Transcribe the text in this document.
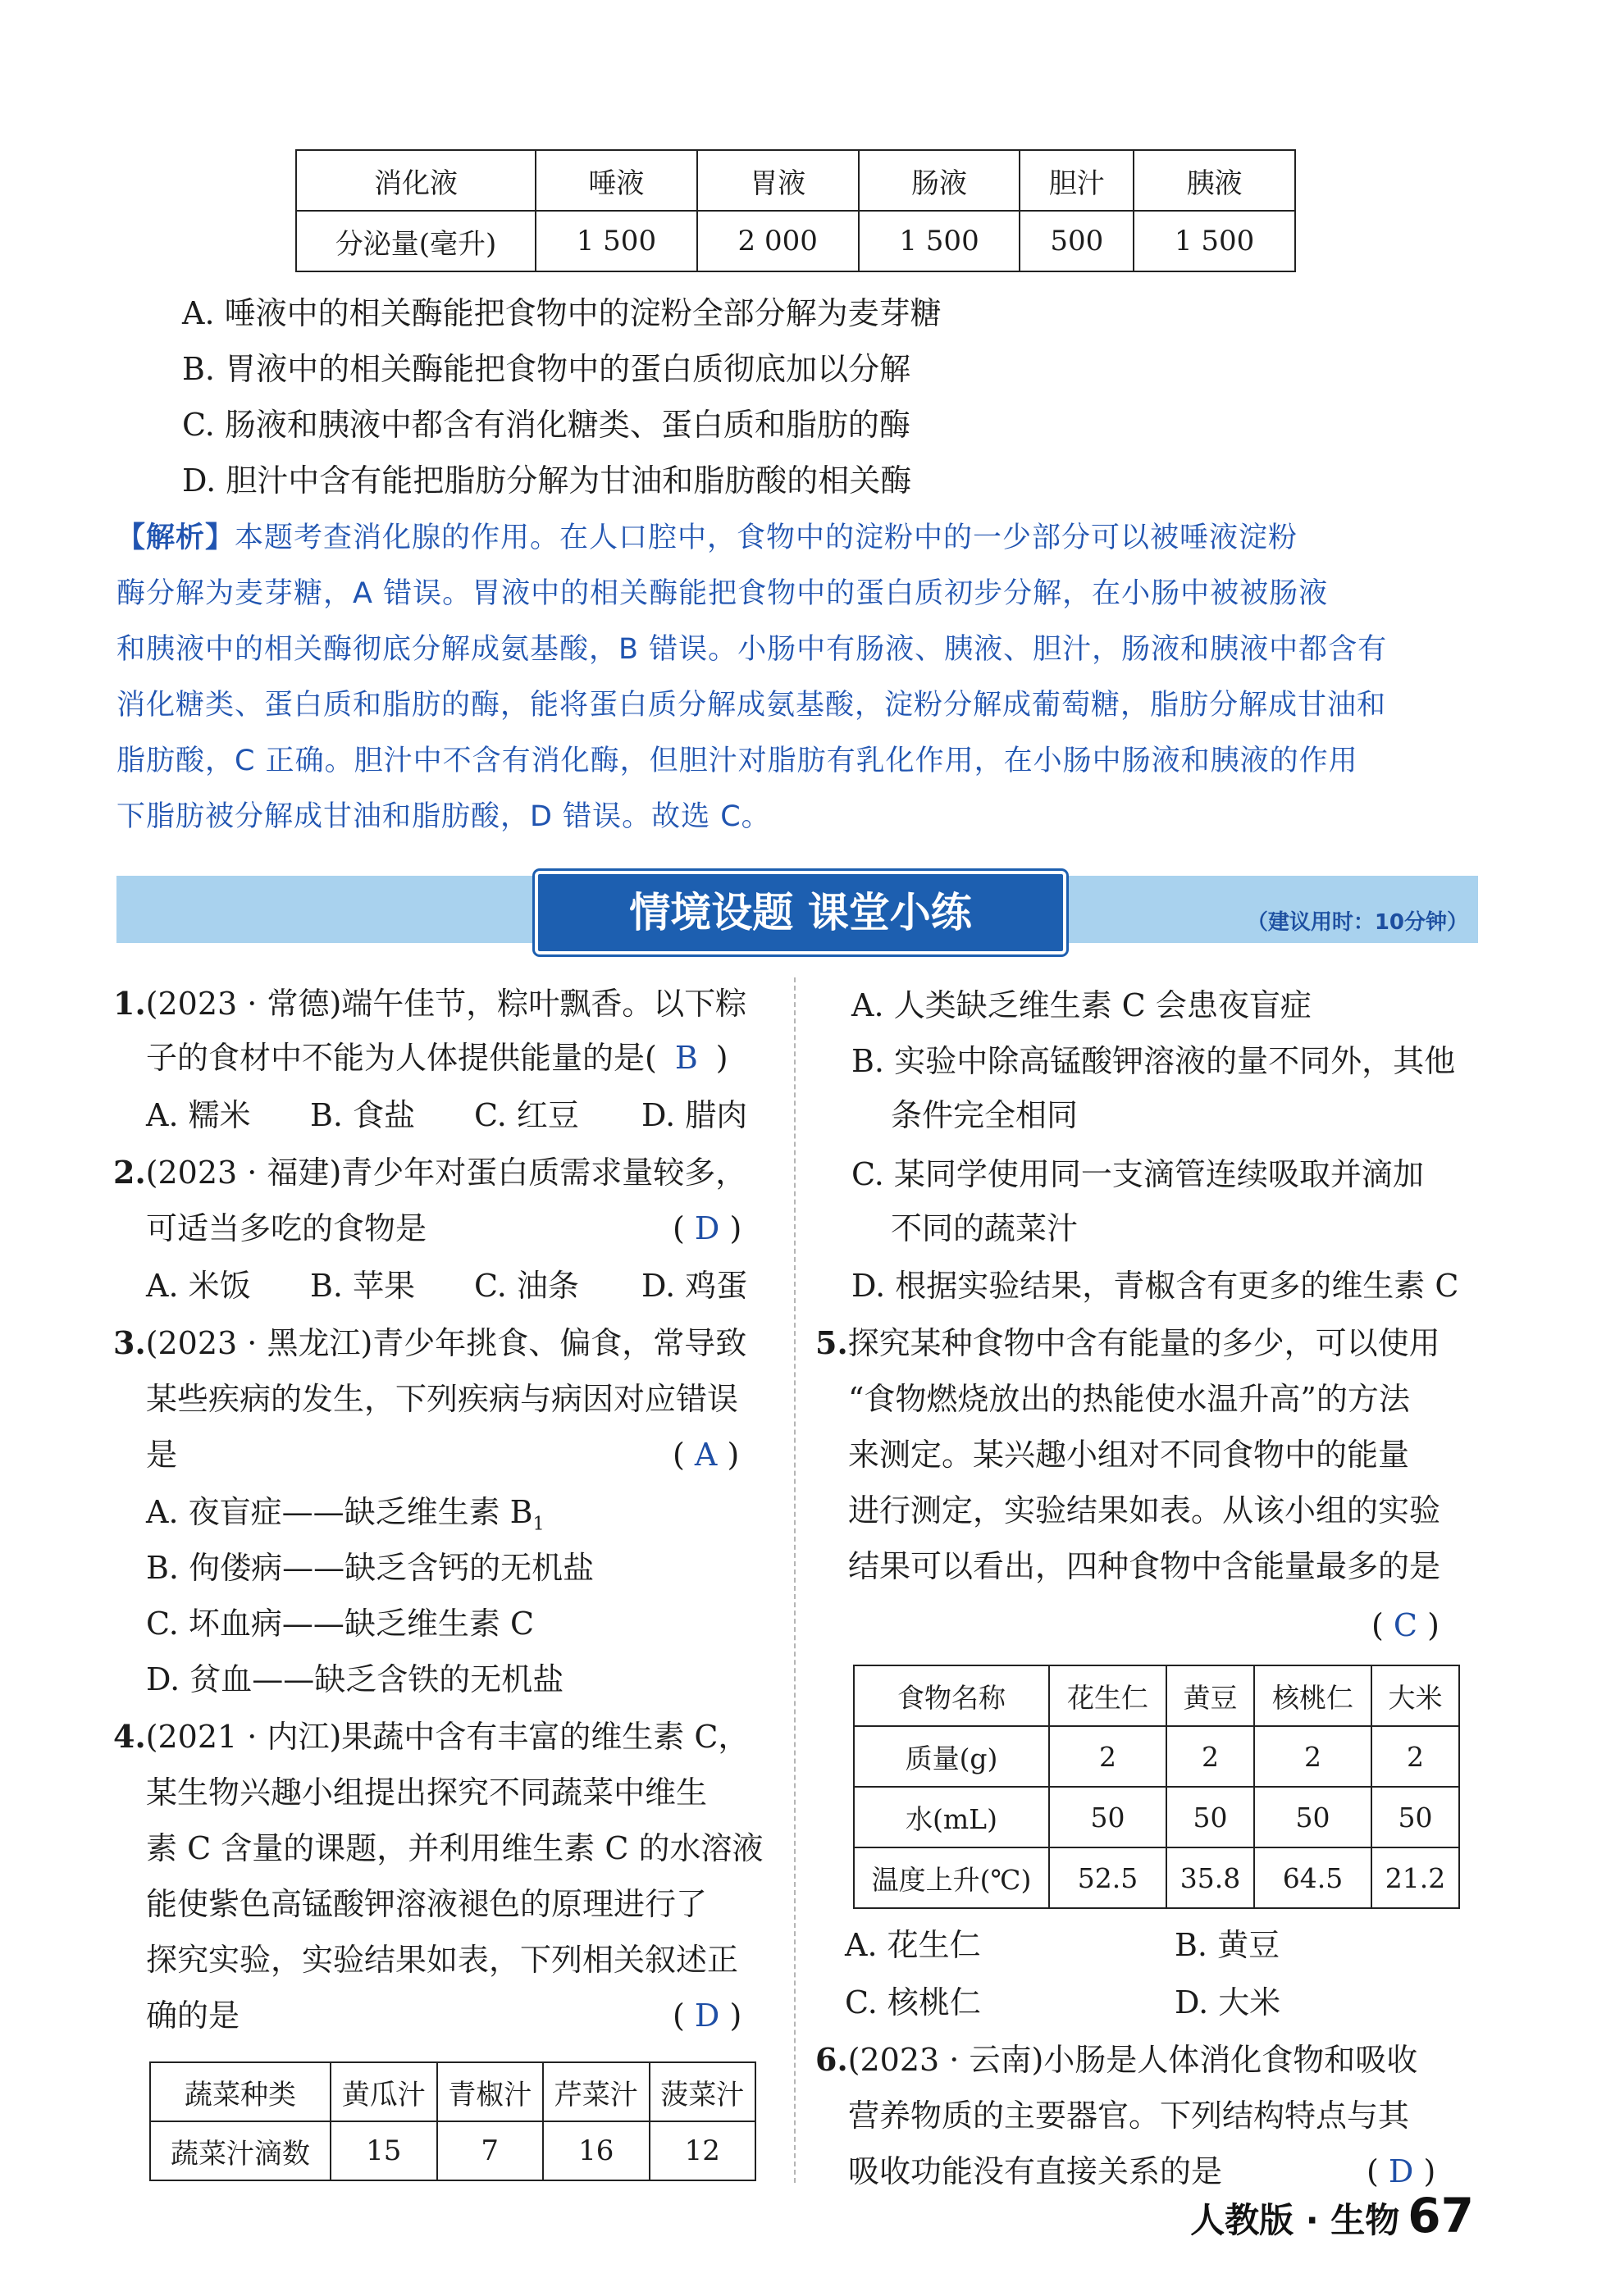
消化液	唾液	胃液	肠液	胆汁	胰液
分泌量(毫升)	1 500	2 000	1 500	500	1 500
A. 唾液中的相关酶能把食物中的淀粉全部分解为麦芽糖
B. 胃液中的相关酶能把食物中的蛋白质彻底加以分解
C. 肠液和胰液中都含有消化糖类、蛋白质和脂肪的酶
D. 胆汁中含有能把脂肪分解为甘油和脂肪酸的相关酶
【解析】本题考查消化腺的作用。在人口腔中，食物中的淀粉中的一少部分可以被唾液淀粉
酶分解为麦芽糖，A 错误。胃液中的相关酶能把食物中的蛋白质初步分解，在小肠中被被肠液
和胰液中的相关酶彻底分解成氨基酸，B 错误。小肠中有肠液、胰液、胆汁，肠液和胰液中都含有
消化糖类、蛋白质和脂肪的酶，能将蛋白质分解成氨基酸，淀粉分解成葡萄糖，脂肪分解成甘油和
脂肪酸，C 正确。胆汁中不含有消化酶，但胆汁对脂肪有乳化作用，在小肠中肠液和胰液的作用
下脂肪被分解成甘油和脂肪酸，D 错误。故选 C。
情境设题 课堂小练	（建议用时：10分钟）
1.(2023 · 常德)端午佳节，粽叶飘香。以下粽
子的食材中不能为人体提供能量的是( B )
A. 糯米 B. 食盐 C. 红豆 D. 腊肉
2.(2023 · 福建)青少年对蛋白质需求量较多，
可适当多吃的食物是	( D )
A. 米饭 B. 苹果 C. 油条 D. 鸡蛋
3.(2023 · 黑龙江)青少年挑食、偏食，常导致
某些疾病的发生，下列疾病与病因对应错误
是	( A )
A. 夜盲症——缺乏维生素 $B_1$
B. 佝偻病——缺乏含钙的无机盐
C. 坏血病——缺乏维生素 C
D. 贫血——缺乏含铁的无机盐
4.(2021 · 内江)果蔬中含有丰富的维生素 C，
某生物兴趣小组提出探究不同蔬菜中维生
素 C 含量的课题，并利用维生素 C 的水溶液
能使紫色高锰酸钾溶液褪色的原理进行了
探究实验，实验结果如表，下列相关叙述正
确的是	( D )
蔬菜种类	黄瓜汁	青椒汁	芹菜汁	菠菜汁
蔬菜汁滴数	15	7	16	12
A. 人类缺乏维生素 C 会患夜盲症
B. 实验中除高锰酸钾溶液的量不同外，其他
条件完全相同
C. 某同学使用同一支滴管连续吸取并滴加
不同的蔬菜汁
D. 根据实验结果，青椒含有更多的维生素 C
5.探究某种食物中含有能量的多少，可以使用
“食物燃烧放出的热能使水温升高”的方法
来测定。某兴趣小组对不同食物中的能量
进行测定，实验结果如表。从该小组的实验
结果可以看出，四种食物中含能量最多的是
( C )
食物名称	花生仁	黄豆	核桃仁	大米
质量(g)	2	2	2	2
水(mL)	50	50	50	50
温度上升(℃)	52.5	35.8	64.5	21.2
A. 花生仁	B. 黄豆
C. 核桃仁	D. 大米
6.(2023 · 云南)小肠是人体消化食物和吸收
营养物质的主要器官。下列结构特点与其
吸收功能没有直接关系的是	( D )
人教版 · 生物 67
